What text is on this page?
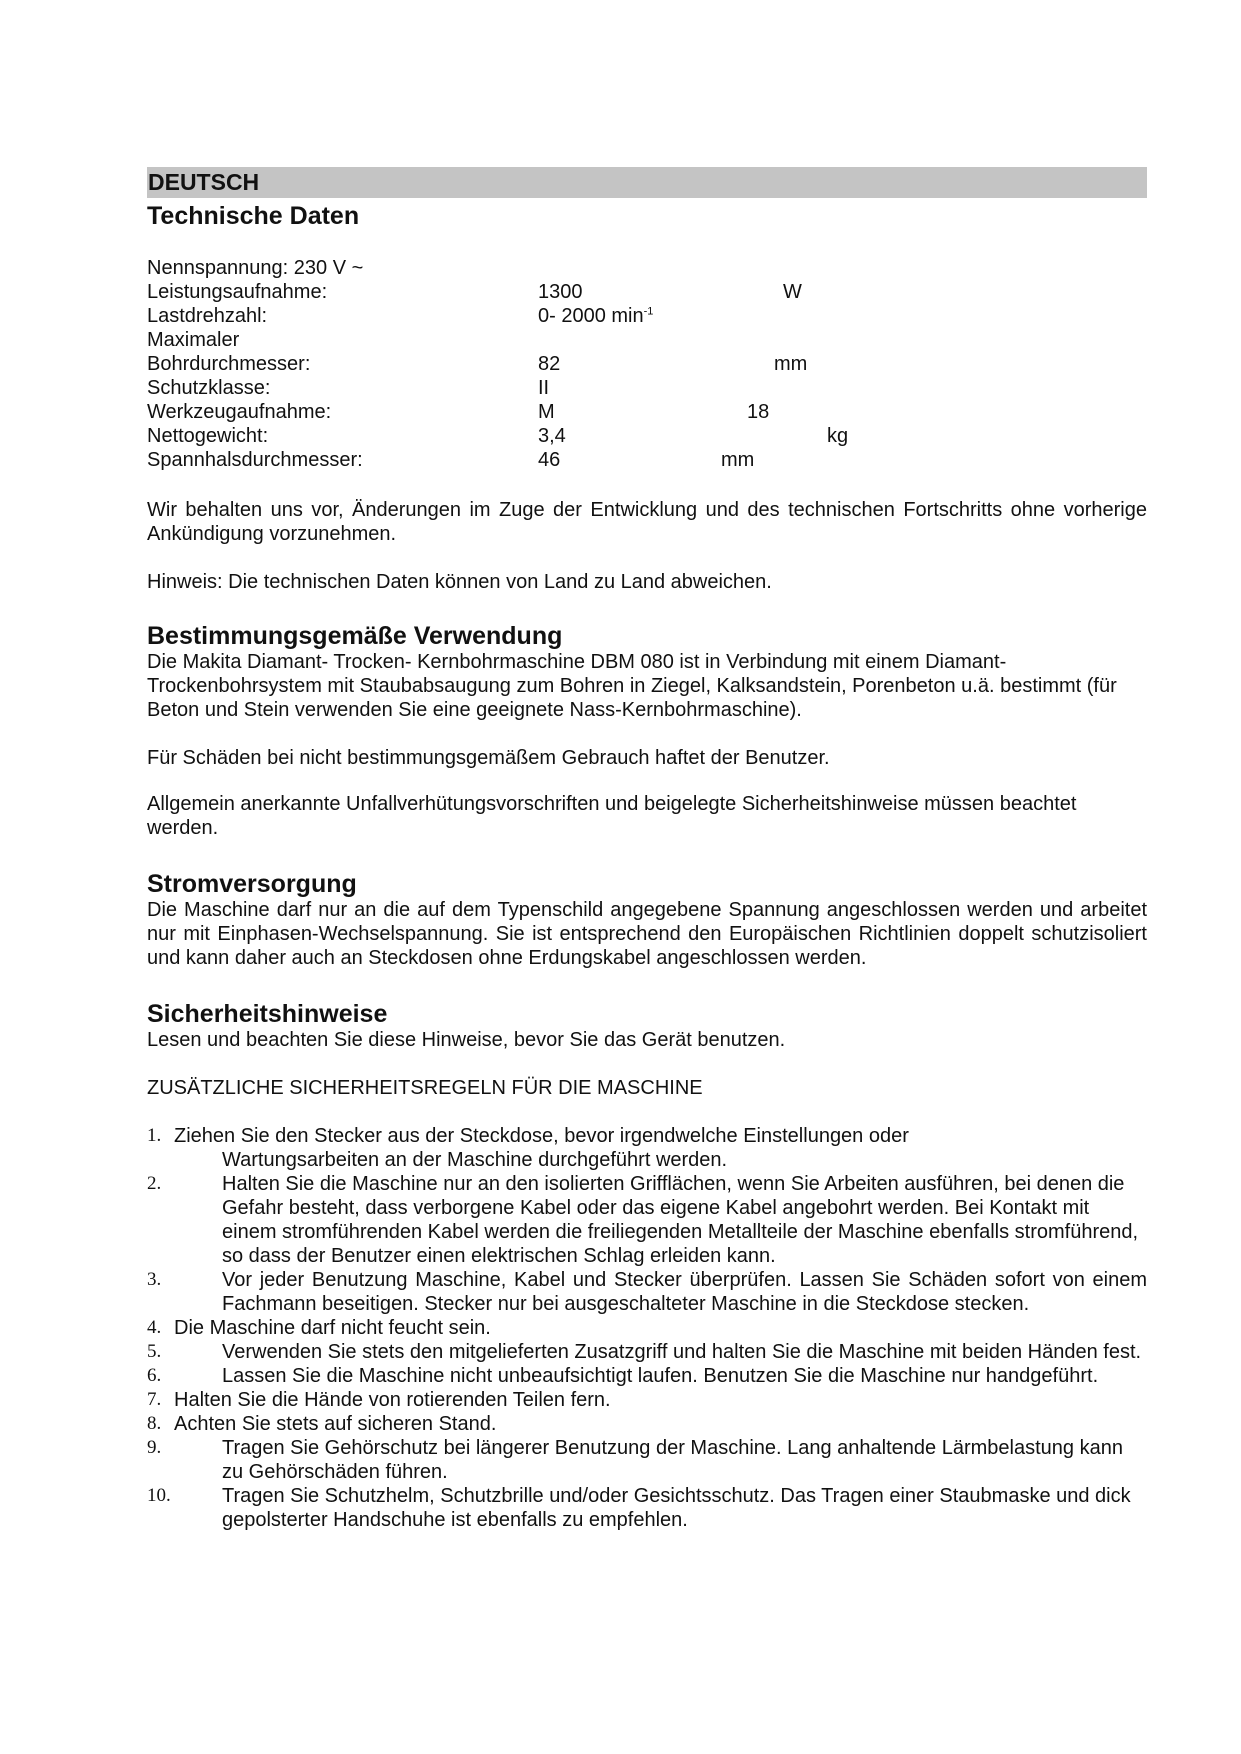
DEUTSCH
Technische Daten
Nennspannung: 230 V ~
Leistungsaufnahme:	1300	W
Lastdrehzahl:	0- 2000 $\min^{-1}$
Maximaler
Bohrdurchmesser:	82	mm
Schutzklasse:	II
Werkzeugaufnahme:	M	18
Nettogewicht:	3,4	kg
Spannhalsdurchmesser:	46	mm

Wir behalten uns vor, Änderungen im Zuge der Entwicklung und des technischen Fortschritts ohne vorherige Ankündigung vorzunehmen.

Hinweis: Die technischen Daten können von Land zu Land abweichen.

Bestimmungsgemäße Verwendung

Die Makita Diamant- Trocken- Kernbohrmaschine DBM 080 ist in Verbindung mit einem Diamant-Trockenbohrsystem mit Staubabsaugung zum Bohren in Ziegel, Kalksandstein, Porenbeton u.ä. bestimmt (für Beton und Stein verwenden Sie eine geeignete Nass-Kernbohrmaschine).

Für Schäden bei nicht bestimmungsgemäßem Gebrauch haftet der Benutzer.

Allgemein anerkannte Unfallverhütungsvorschriften und beigelegte Sicherheitshinweise müssen beachtet werden.

Stromversorgung

Die Maschine darf nur an die auf dem Typenschild angegebene Spannung angeschlossen werden und arbeitet nur mit Einphasen-Wechselspannung. Sie ist entsprechend den Europäischen Richtlinien doppelt schutzisoliert und kann daher auch an Steckdosen ohne Erdungskabel angeschlossen werden.

Sicherheitshinweise

Lesen und beachten Sie diese Hinweise, bevor Sie das Gerät benutzen.

ZUSÄTZLICHE SICHERHEITSREGELN FÜR DIE MASCHINE

1. Ziehen Sie den Stecker aus der Steckdose, bevor irgendwelche Einstellungen oder
Wartungsarbeiten an der Maschine durchgeführt werden.
2.	Halten Sie die Maschine nur an den isolierten Grifflächen, wenn Sie Arbeiten ausführen, bei denen die Gefahr besteht, dass verborgene Kabel oder das eigene Kabel angebohrt werden. Bei Kontakt mit einem stromführenden Kabel werden die freiliegenden Metallteile der Maschine ebenfalls stromführend, so dass der Benutzer einen elektrischen Schlag erleiden kann.
3.	Vor jeder Benutzung Maschine, Kabel und Stecker überprüfen. Lassen Sie Schäden sofort von einem Fachmann beseitigen. Stecker nur bei ausgeschalteter Maschine in die Steckdose stecken.
4. Die Maschine darf nicht feucht sein.
5.	Verwenden Sie stets den mitgelieferten Zusatzgriff und halten Sie die Maschine mit beiden Händen fest.
6.	Lassen Sie die Maschine nicht unbeaufsichtigt laufen. Benutzen Sie die Maschine nur handgeführt.
7. Halten Sie die Hände von rotierenden Teilen fern.
8. Achten Sie stets auf sicheren Stand.
9.	Tragen Sie Gehörschutz bei längerer Benutzung der Maschine. Lang anhaltende Lärmbelastung kann zu Gehörschäden führen.
10.	Tragen Sie Schutzhelm, Schutzbrille und/oder Gesichtsschutz. Das Tragen einer Staubmaske und dick gepolsterter Handschuhe ist ebenfalls zu empfehlen.
